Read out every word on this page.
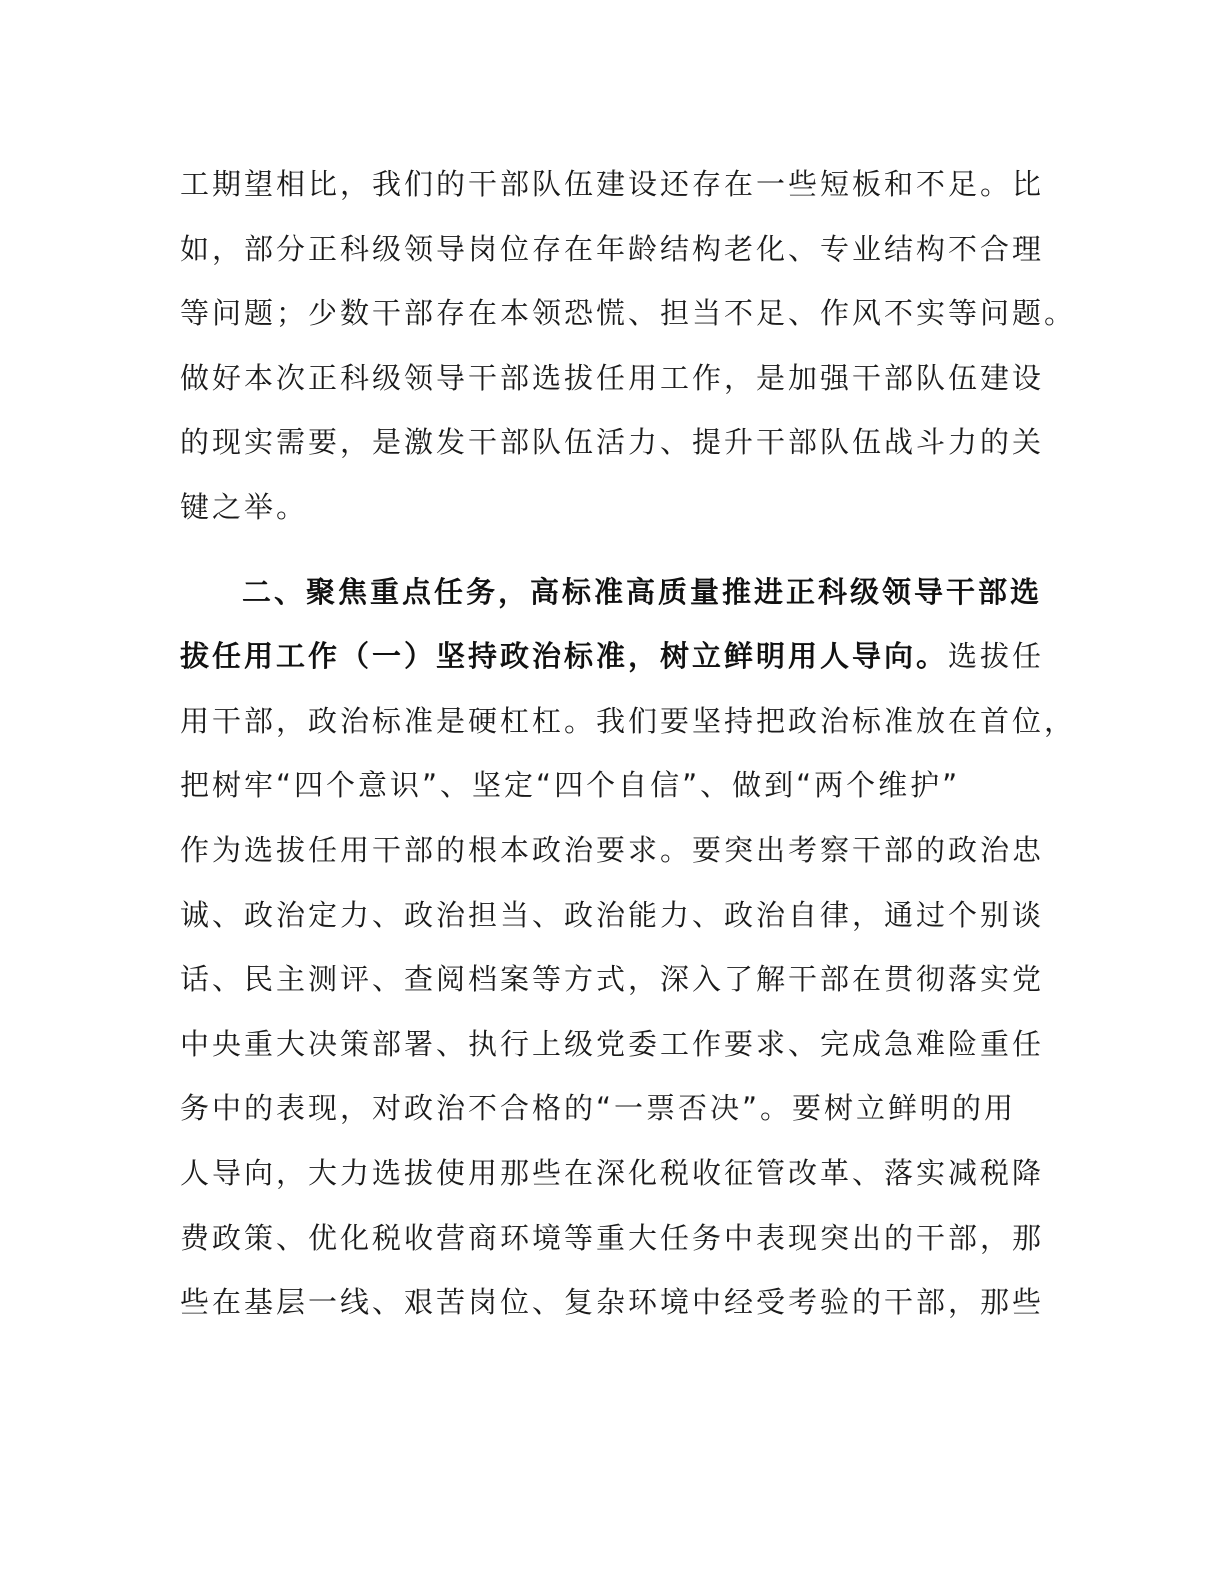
工期望相比，我们的干部队伍建设还存在一些短板和不足。比
如，部分正科级领导岗位存在年龄结构老化、专业结构不合理
等问题；少数干部存在本领恐慌、担当不足、作风不实等问题。
做好本次正科级领导干部选拔任用工作，是加强干部队伍建设
的现实需要，是激发干部队伍活力、提升干部队伍战斗力的关
键之举。
二、聚焦重点任务，高标准高质量推进正科级领导干部选
拔任用工作（一）坚持政治标准，树立鲜明用人导向。选拔任
用干部，政治标准是硬杠杠。我们要坚持把政治标准放在首位，
把树牢“四个意识”、坚定“四个自信”、做到“两个维护”
作为选拔任用干部的根本政治要求。要突出考察干部的政治忠
诚、政治定力、政治担当、政治能力、政治自律，通过个别谈
话、民主测评、查阅档案等方式，深入了解干部在贯彻落实党
中央重大决策部署、执行上级党委工作要求、完成急难险重任
务中的表现，对政治不合格的“一票否决”。要树立鲜明的用
人导向，大力选拔使用那些在深化税收征管改革、落实减税降
费政策、优化税收营商环境等重大任务中表现突出的干部，那
些在基层一线、艰苦岗位、复杂环境中经受考验的干部，那些
